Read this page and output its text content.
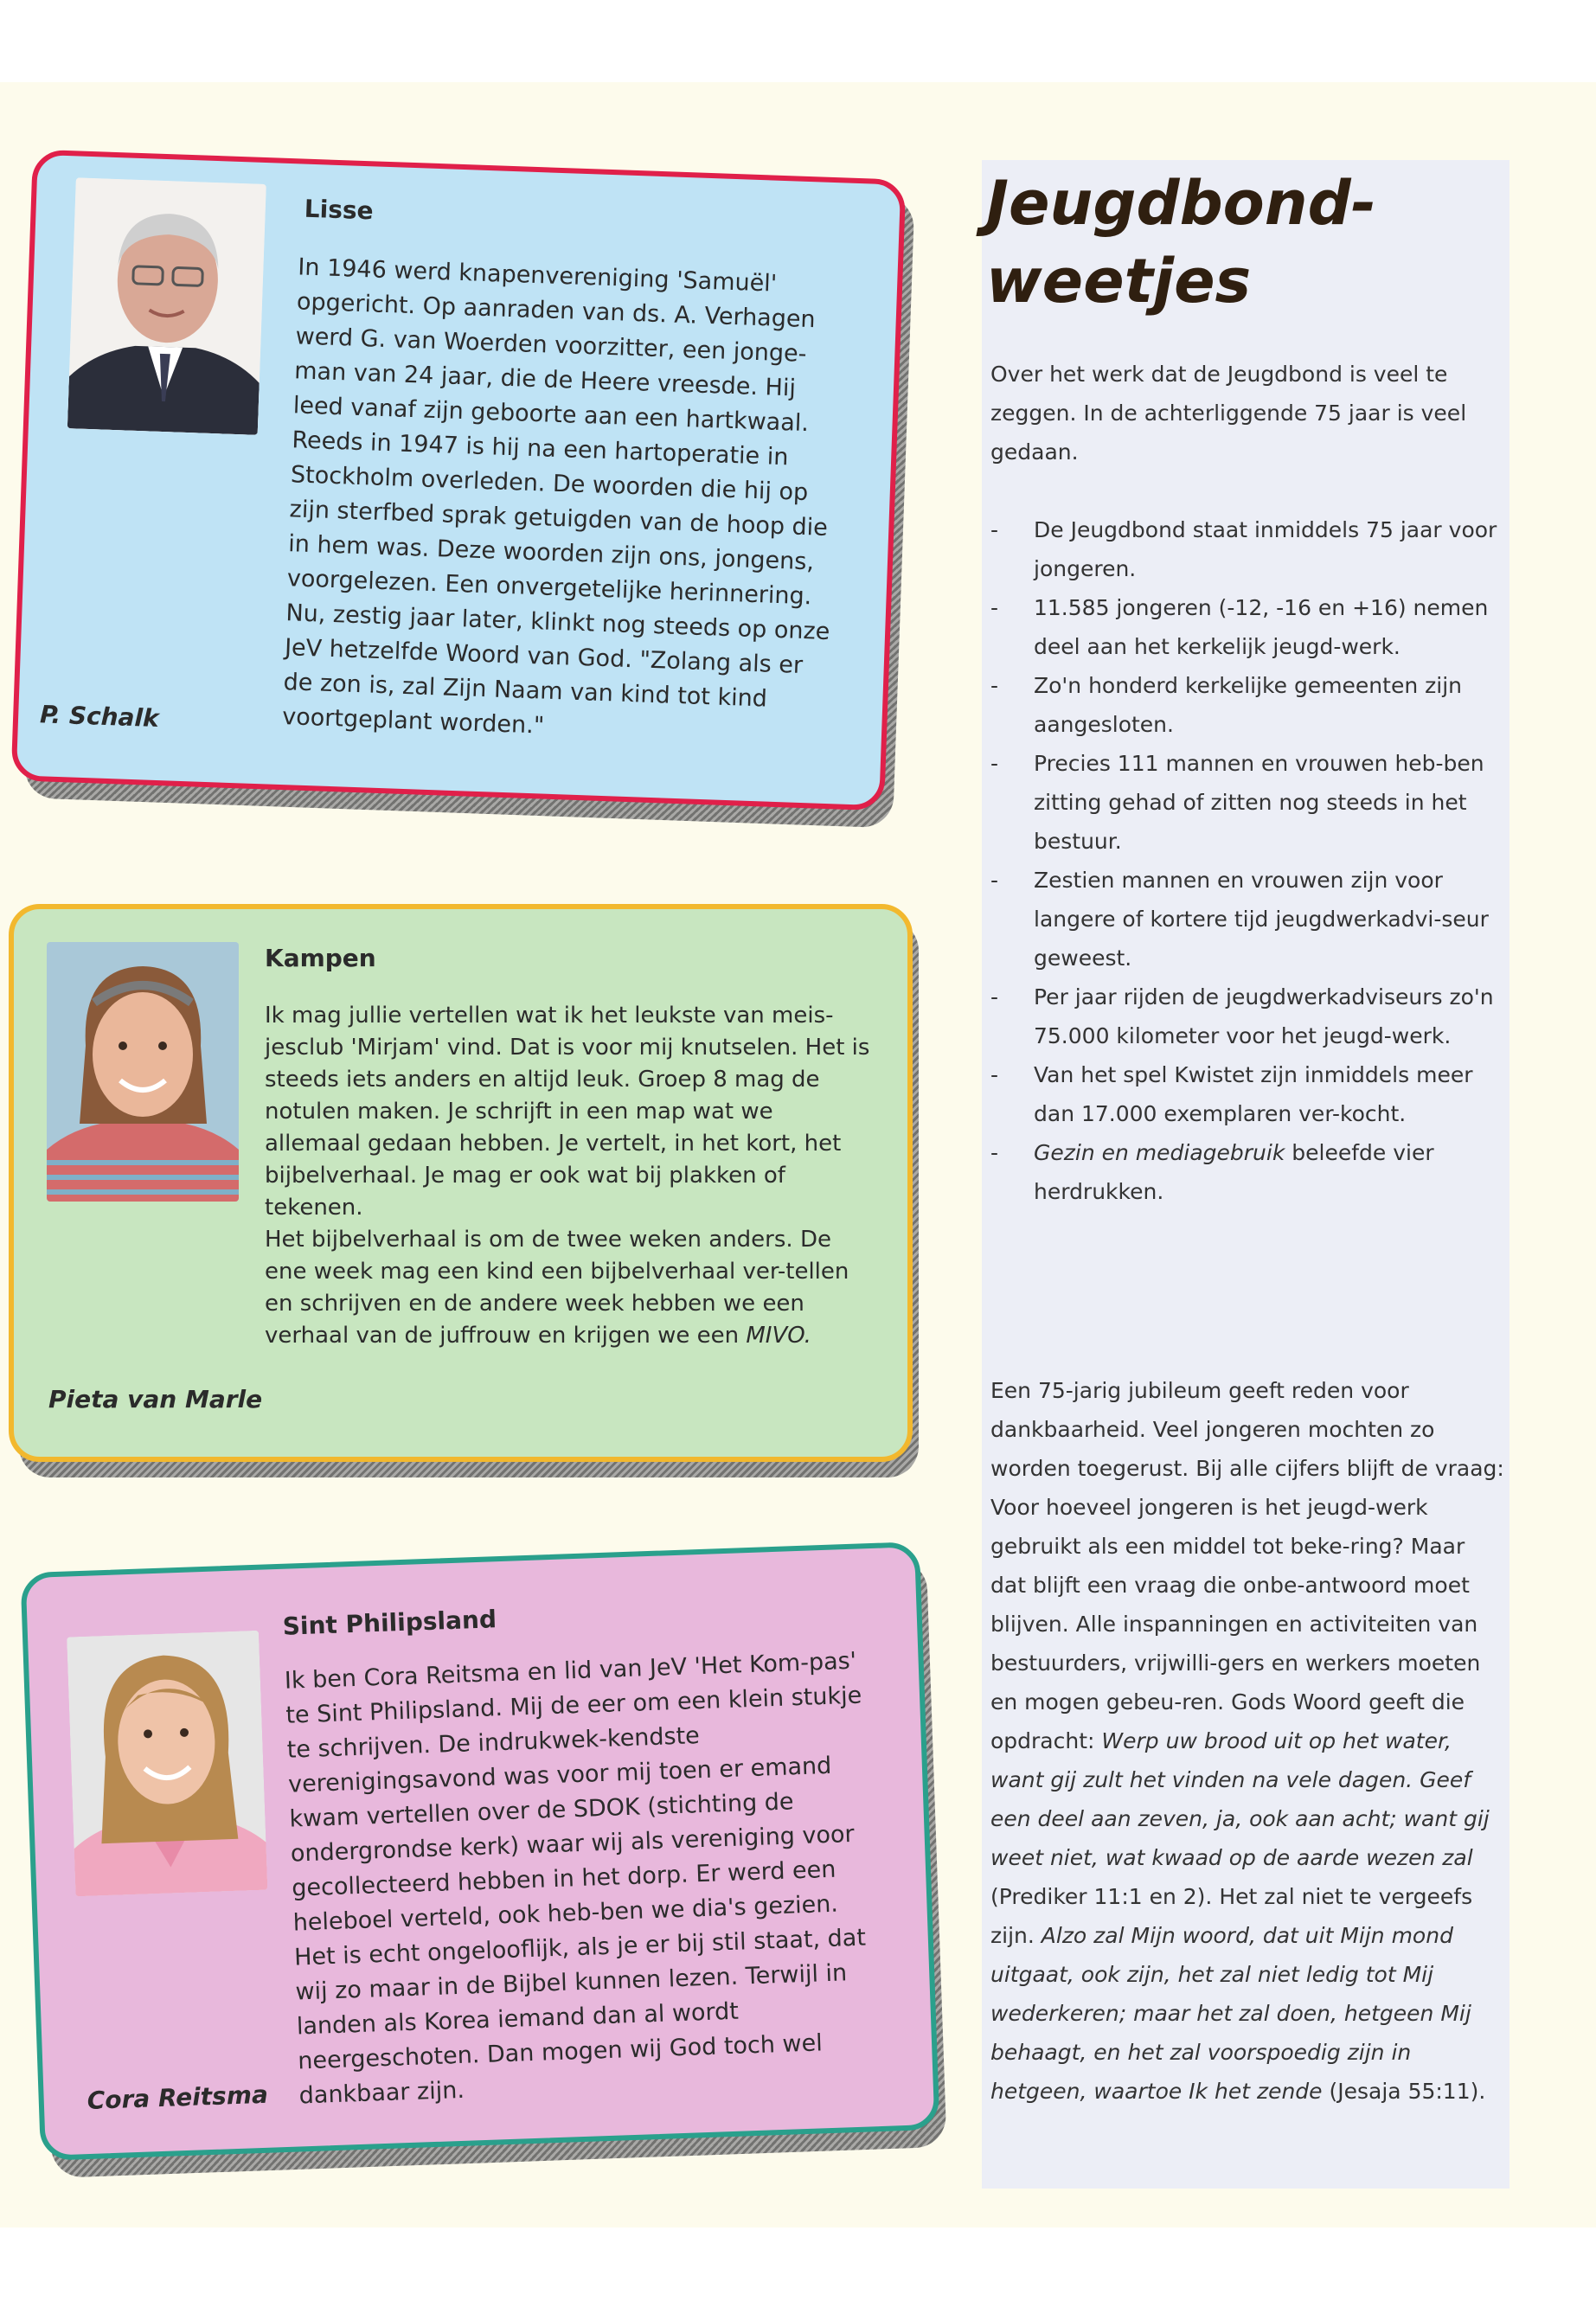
Lisse

In 1946 werd knapenvereniging 'Samuël' opgericht. Op aanraden van ds. A. Verhagen werd G. van Woerden voorzitter, een jonge-man van 24 jaar, die de Heere vreesde. Hij leed vanaf zijn geboorte aan een hartkwaal. Reeds in 1947 is hij na een hartoperatie in Stockholm overleden. De woorden die hij op zijn sterfbed sprak getuigden van de hoop die in hem was. Deze woorden zijn ons, jongens, voorgelezen. Een onvergetelijke herinnering. Nu, zestig jaar later, klinkt nog steeds op onze JeV hetzelfde Woord van God. "Zolang als er de zon is, zal Zijn Naam van kind tot kind voortgeplant worden."

P. Schalk
Kampen

Ik mag jullie vertellen wat ik het leukste van meis-jesclub 'Mirjam' vind. Dat is voor mij knutselen. Het is steeds iets anders en altijd leuk. Groep 8 mag de notulen maken. Je schrijft in een map wat we allemaal gedaan hebben. Je vertelt, in het kort, het bijbelverhaal. Je mag er ook wat bij plakken of tekenen.

Het bijbelverhaal is om de twee weken anders. De ene week mag een kind een bijbelverhaal ver-tellen en schrijven en de andere week hebben we een verhaal van de juffrouw en krijgen we een MIVO.

Pieta van Marle
Sint Philipsland

Ik ben Cora Reitsma en lid van JeV 'Het Kom-pas' te Sint Philipsland. Mij de eer om een klein stukje te schrijven. De indrukwek-kendste verenigingsavond was voor mij toen er emand kwam vertellen over de SDOK (stichting de ondergrondse kerk) waar wij als vereniging voor gecollecteerd hebben in het dorp. Er werd een heleboel verteld, ook heb-ben we dia's gezien. Het is echt ongelooflijk, als je er bij stil staat, dat wij zo maar in de Bijbel kunnen lezen. Terwijl in landen als Korea iemand dan al wordt neergeschoten. Dan mogen wij God toch wel dankbaar zijn.

Cora Reitsma
Jeugdbond-
weetjes

Over het werk dat de Jeugdbond is veel te zeggen. In de achterliggende 75 jaar is veel gedaan.

- De Jeugdbond staat inmiddels 75 jaar voor jongeren.
- 11.585 jongeren (-12, -16 en +16) nemen deel aan het kerkelijk jeugd-werk.
- Zo'n honderd kerkelijke gemeenten zijn aangesloten.
- Precies 111 mannen en vrouwen heb-ben zitting gehad of zitten nog steeds in het bestuur.
- Zestien mannen en vrouwen zijn voor langere of kortere tijd jeugdwerkadvi-seur geweest.
- Per jaar rijden de jeugdwerkadviseurs zo'n 75.000 kilometer voor het jeugd-werk.
- Van het spel Kwistet zijn inmiddels meer dan 17.000 exemplaren ver-kocht.
- Gezin en mediagebruik beleefde vier herdrukken.

Een 75-jarig jubileum geeft reden voor dankbaarheid. Veel jongeren mochten zo worden toegerust. Bij alle cijfers blijft de vraag: Voor hoeveel jongeren is het jeugd-werk gebruikt als een middel tot beke-ring? Maar dat blijft een vraag die onbe-antwoord moet blijven. Alle inspanningen en activiteiten van bestuurders, vrijwilli-gers en werkers moeten en mogen gebeu-ren. Gods Woord geeft die opdracht: Werp uw brood uit op het water, want gij zult het vinden na vele dagen. Geef een deel aan zeven, ja, ook aan acht; want gij weet niet, wat kwaad op de aarde wezen zal (Prediker 11:1 en 2). Het zal niet te vergeefs zijn. Alzo zal Mijn woord, dat uit Mijn mond uitgaat, ook zijn, het zal niet ledig tot Mij wederkeren; maar het zal doen, hetgeen Mij behaagt, en het zal voorspoedig zijn in hetgeen, waartoe Ik het zende (Jesaja 55:11).
